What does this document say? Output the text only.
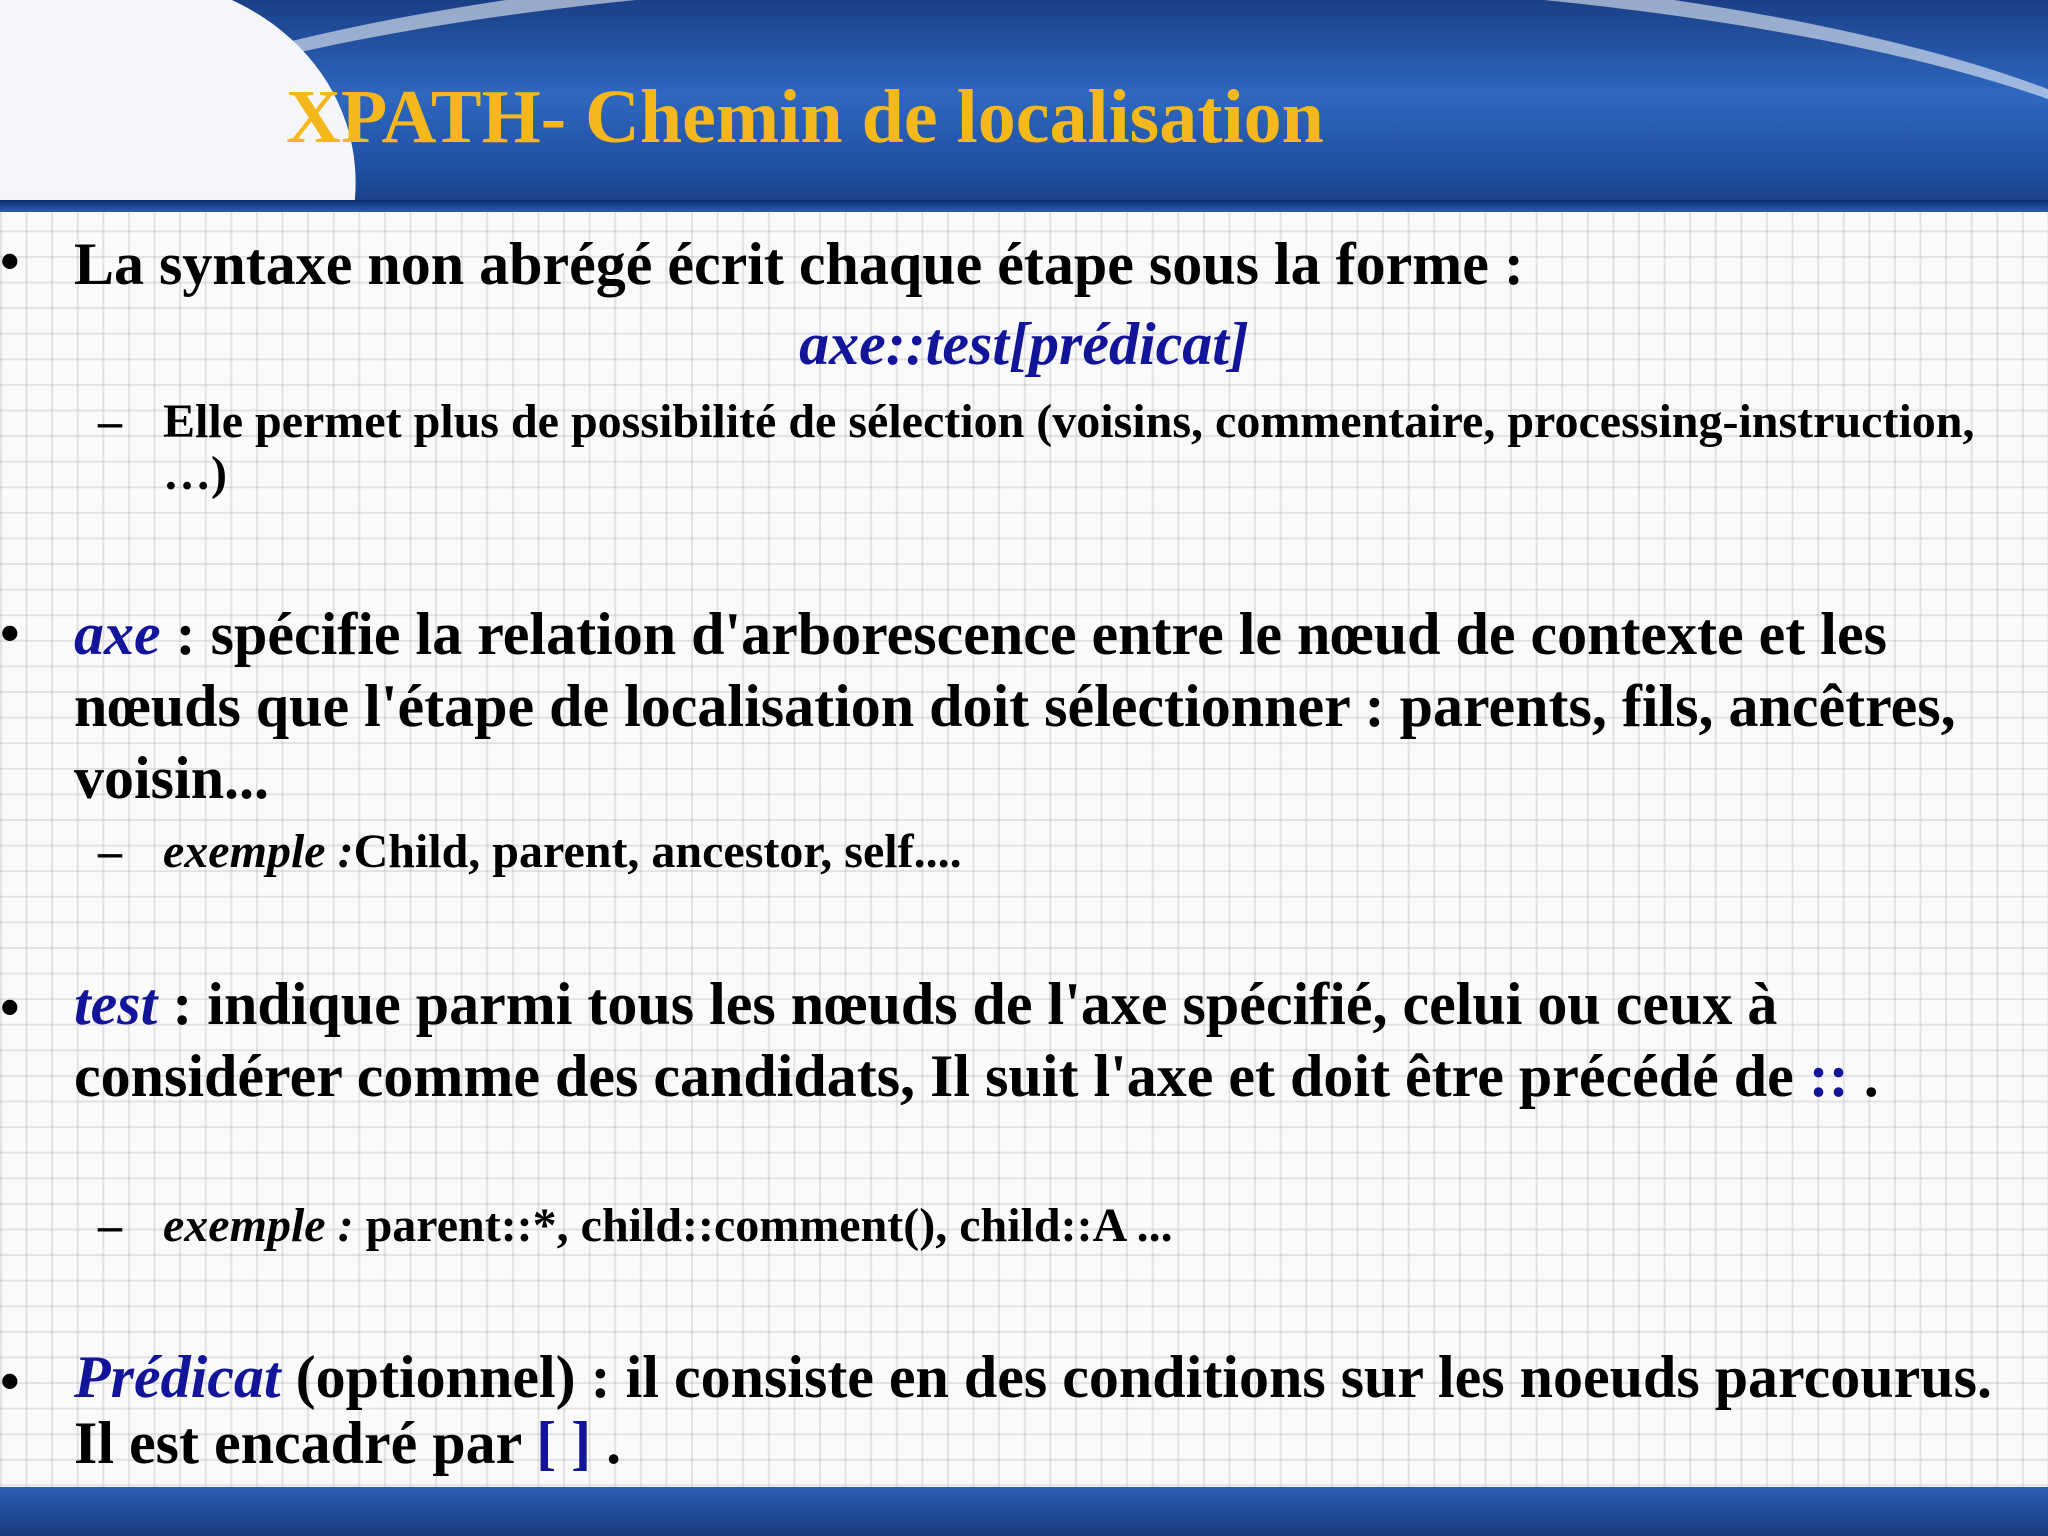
XPATH- Chemin de localisation
• La syntaxe non abrégé écrit chaque étape sous la forme :
axe::test[prédicat]
– Elle permet plus de possibilité de sélection (voisins, commentaire, processing-instruction, …)
• axe : spécifie la relation d'arborescence entre le nœud de contexte et les nœuds que l'étape de localisation doit sélectionner : parents, fils, ancêtres, voisin...
– exemple :Child, parent, ancestor, self....
• test : indique parmi tous les nœuds de l'axe spécifié, celui ou ceux à considérer comme des candidats, Il suit l'axe et doit être précédé de :: .
– exemple : parent::*, child::comment(), child::A ...
• Prédicat (optionnel) : il consiste en des conditions sur les noeuds parcourus. Il est encadré par [ ] .
